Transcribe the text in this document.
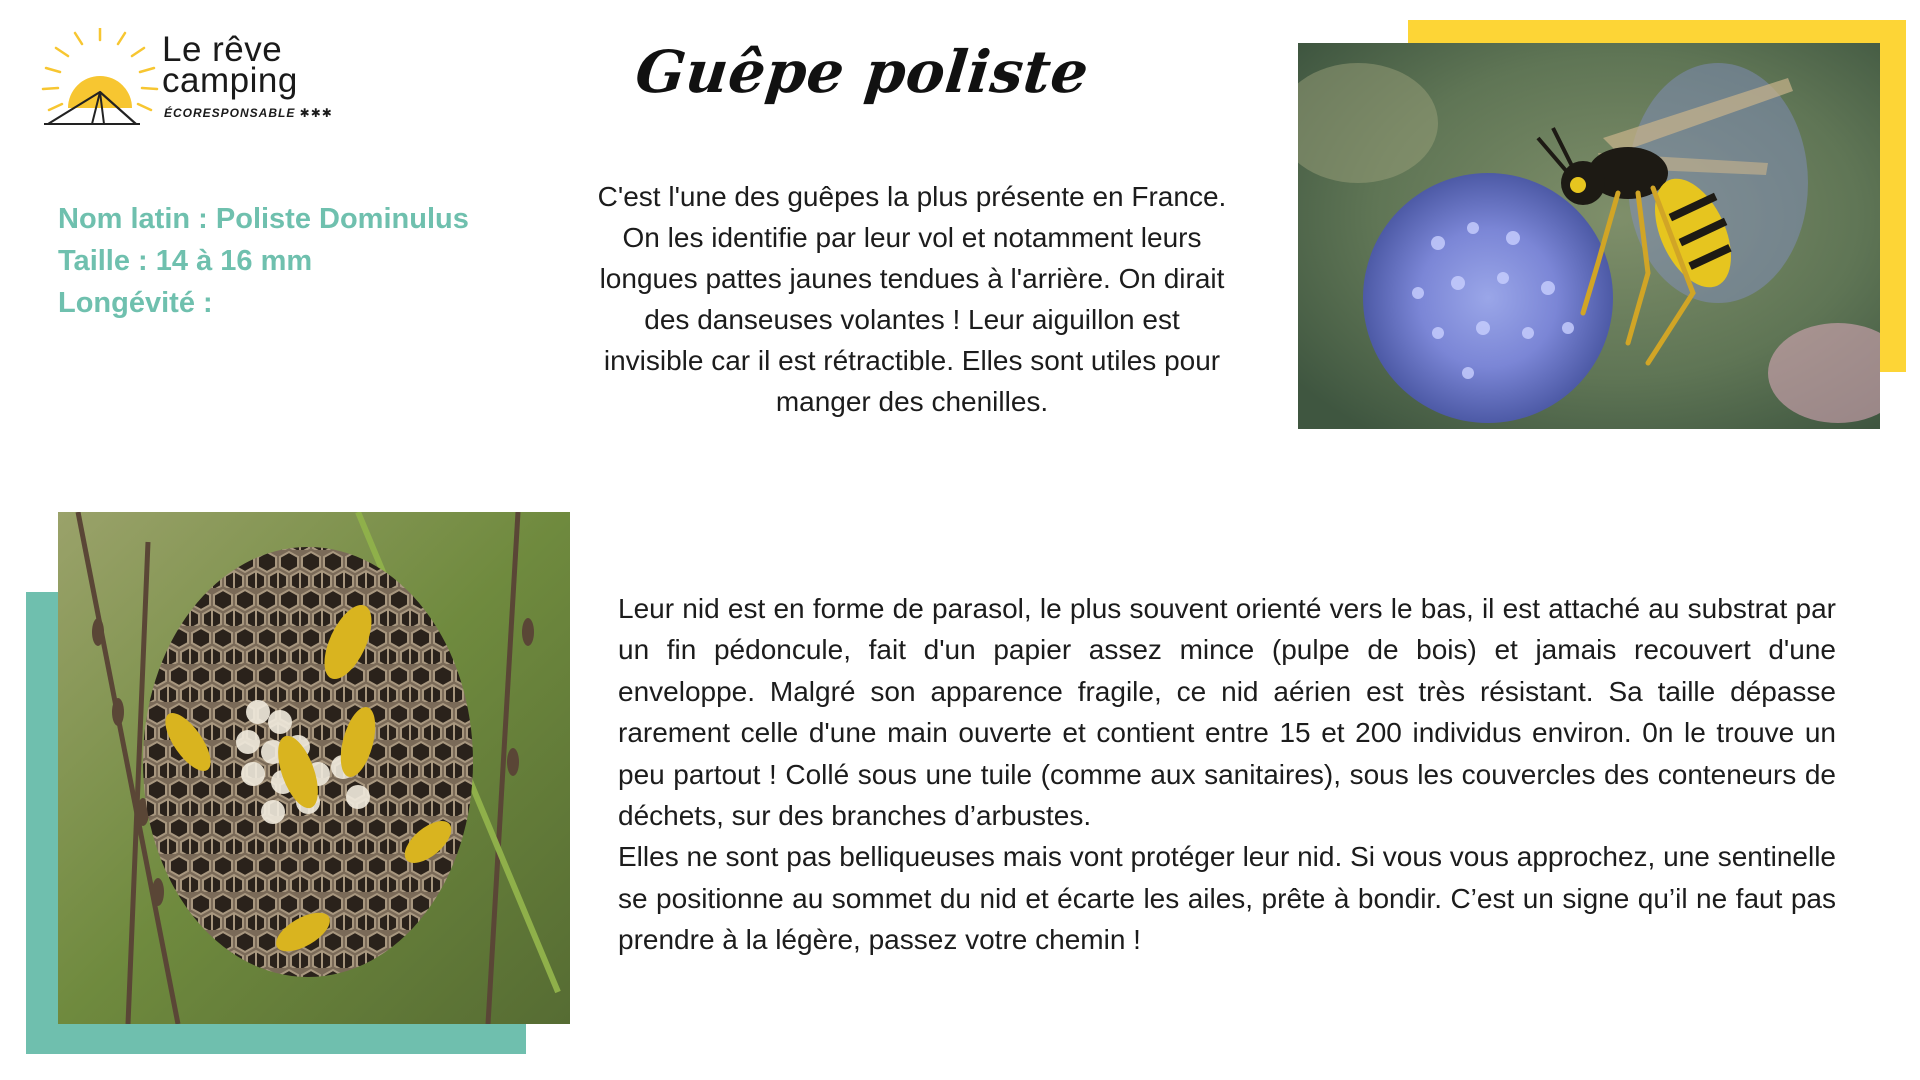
Le rêve
camping
ÉCORESPONSABLE ✱✱✱
Guêpe poliste
Nom latin : Poliste Dominulus
Taille : 14 à 16 mm
Longévité :
C'est l'une des guêpes la plus présente en France. On les identifie par leur vol et notamment leurs longues pattes jaunes tendues à l'arrière. On dirait des danseuses volantes ! Leur aiguillon est invisible car il est rétractible. Elles sont utiles pour manger des chenilles.

Leur nid est en forme de parasol, le plus souvent orienté vers le bas, il est attaché au substrat par un fin pédoncule, fait d'un papier assez mince (pulpe de bois) et jamais recouvert d'une enveloppe. Malgré son apparence fragile, ce nid aérien est très résistant. Sa taille dépasse rarement celle d'une main ouverte et contient entre 15 et 200 individus environ. 0n le trouve un peu partout ! Collé sous une tuile (comme aux sanitaires), sous les couvercles des conteneurs de déchets, sur des branches d’arbustes.

Elles ne sont pas belliqueuses mais vont protéger leur nid. Si vous vous approchez, une sentinelle se positionne au sommet du nid et écarte les ailes, prête à bondir. C’est un signe qu’il ne faut pas prendre à la légère, passez votre chemin !
